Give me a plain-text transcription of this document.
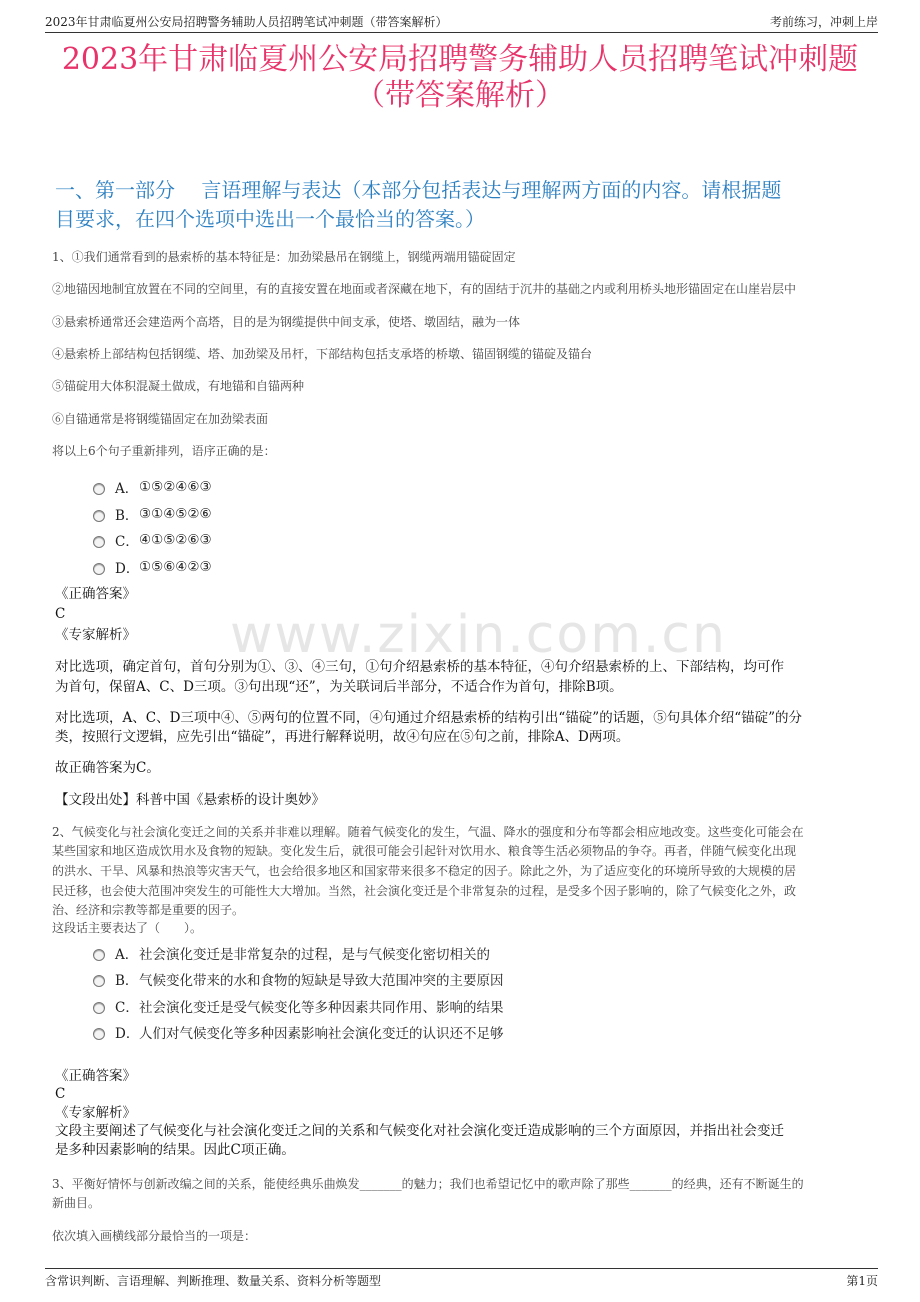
2023年甘肃临夏州公安局招聘警务辅助人员招聘笔试冲刺题（带答案解析）	考前练习，冲刺上岸
2023年甘肃临夏州公安局招聘警务辅助人员招聘笔试冲刺题
（带答案解析）
一、第一部分　 言语理解与表达（本部分包括表达与理解两方面的内容。请根据题
目要求，在四个选项中选出一个最恰当的答案。）
www.zixin.com.cn
1、①我们通常看到的悬索桥的基本特征是：加劲梁悬吊在钢缆上，钢缆两端用锚碇固定
②地锚因地制宜放置在不同的空间里，有的直接安置在地面或者深藏在地下，有的固结于沉井的基础之内或利用桥头地形锚固定在山崖岩层中
③悬索桥通常还会建造两个高塔，目的是为钢缆提供中间支承，使塔、墩固结，融为一体
④悬索桥上部结构包括钢缆、塔、加劲梁及吊杆，下部结构包括支承塔的桥墩、锚固钢缆的锚碇及锚台
⑤锚碇用大体积混凝土做成，有地锚和自锚两种
⑥自锚通常是将钢缆锚固定在加劲梁表面
将以上6个句子重新排列，语序正确的是：
A． ①⑤②④⑥③
B． ③①④⑤②⑥
C． ④①⑤②⑥③
D． ①⑤⑥④②③
《正确答案》
C
《专家解析》
对比选项，确定首句，首句分别为①、③、④三句，①句介绍悬索桥的基本特征，④句介绍悬索桥的上、下部结构，均可作
为首句，保留A、C、D三项。③句出现“还”，为关联词后半部分，不适合作为首句，排除B项。
对比选项，A、C、D三项中④、⑤两句的位置不同，④句通过介绍悬索桥的结构引出“锚碇”的话题，⑤句具体介绍“锚碇”的分
类，按照行文逻辑，应先引出“锚碇”，再进行解释说明，故④句应在⑤句之前，排除A、D两项。
故正确答案为C。
【文段出处】科普中国《悬索桥的设计奥妙》
2、气候变化与社会演化变迁之间的关系并非难以理解。随着气候变化的发生，气温、降水的强度和分布等都会相应地改变。这些变化可能会在
某些国家和地区造成饮用水及食物的短缺。变化发生后，就很可能会引起针对饮用水、粮食等生活必须物品的争夺。再者，伴随气候变化出现
的洪水、干旱、风暴和热浪等灾害天气，也会给很多地区和国家带来很多不稳定的因子。除此之外，为了适应变化的环境所导致的大规模的居
民迁移，也会使大范围冲突发生的可能性大大增加。当然，社会演化变迁是个非常复杂的过程，是受多个因子影响的，除了气候变化之外，政
治、经济和宗教等都是重要的因子。
这段话主要表达了（　　）。
A． 社会演化变迁是非常复杂的过程，是与气候变化密切相关的
B． 气候变化带来的水和食物的短缺是导致大范围冲突的主要原因
C． 社会演化变迁是受气候变化等多种因素共同作用、影响的结果
D． 人们对气候变化等多种因素影响社会演化变迁的认识还不足够
《正确答案》
C
《专家解析》
文段主要阐述了气候变化与社会演化变迁之间的关系和气候变化对社会演化变迁造成影响的三个方面原因，并指出社会变迁
是多种因素影响的结果。因此C项正确。
3、平衡好情怀与创新改编之间的关系，能使经典乐曲焕发_______的魅力；我们也希望记忆中的歌声除了那些_______的经典，还有不断诞生的
新曲目。
依次填入画横线部分最恰当的一项是：
含常识判断、言语理解、判断推理、数量关系、资料分析等题型	第1页
